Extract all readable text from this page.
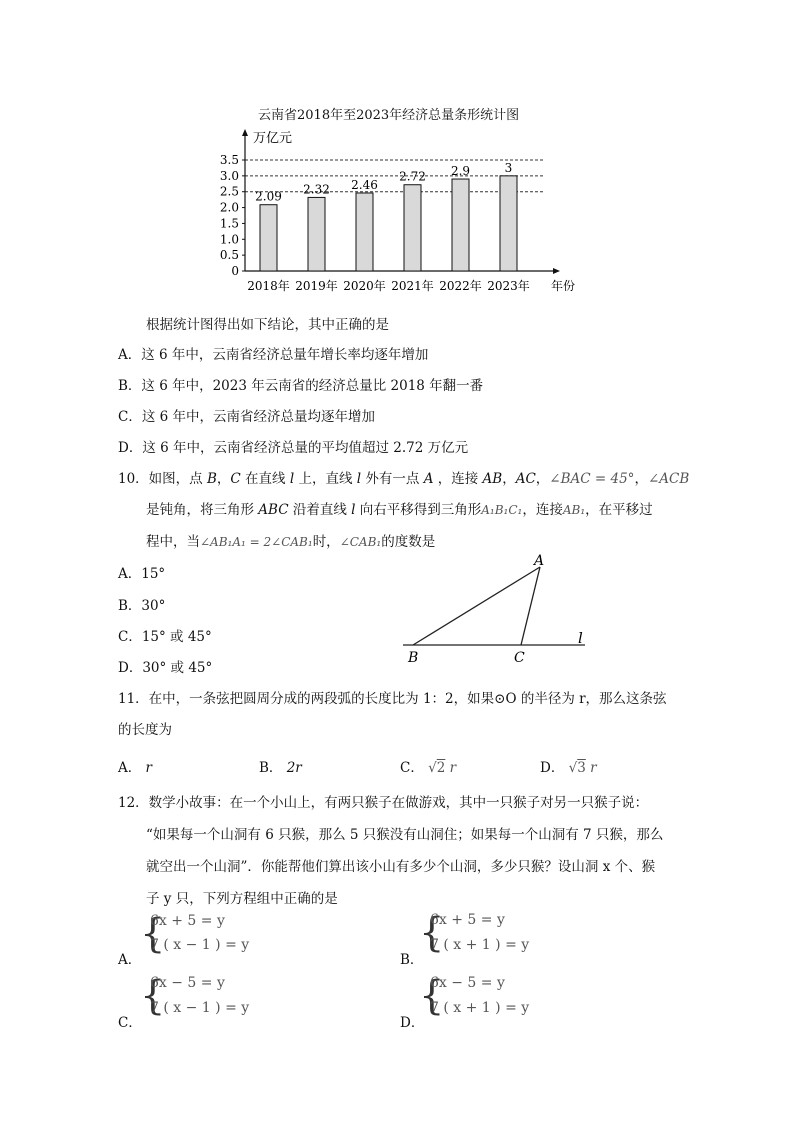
云南省2018年至2023年经济总量条形统计图
0
0.5
1.0
1.5
2.0
2.5
3.0
3.5
万亿元
2.09
2018年
2.32
2019年
2.46
2020年
2.72
2021年
2.9
2022年
3
2023年 年份
根据统计图得出如下结论，其中正确的是
A．这 6 年中，云南省经济总量年增长率均逐年增加
B．这 6 年中，2023 年云南省的经济总量比 2018 年翻一番
C．这 6 年中，云南省经济总量均逐年增加
D．这 6 年中，云南省经济总量的平均值超过 2.72 万亿元
10．如图，点 B，C 在直线 l 上，直线 l 外有一点 A ，连接 AB，AC，∠BAC = 45°，∠ACB
是钝角，将三角形 ABC 沿着直线 l 向右平移得到三角形A₁B₁C₁，连接AB₁，在平移过
程中，当∠AB₁A₁ = 2∠CAB₁时，∠CAB₁的度数是
A．15°
B．30°
C．15° 或 45°
D．30° 或 45°
A
B	C
l
11．在中，一条弦把圆周分成的两段弧的长度比为 1：2，如果⊙O 的半径为 r，那么这条弦
的长度为
A． r	B． 2r	C． √2 r	D． √3 r
12．数学小故事：在一个小山上，有两只猴子在做游戏，其中一只猴子对另一只猴子说：
“如果每一个山洞有 6 只猴，那么 5 只猴没有山洞住；如果每一个山洞有 7 只猴，那么
就空出一个山洞”．你能帮他们算出该小山有多少个山洞，多少只猴？设山洞 x 个、猴
子 y 只，下列方程组中正确的是
A．
{
6x + 5 = y
7 ( x − 1 ) = y
B．
{
6x + 5 = y
7 ( x + 1 ) = y
C．
{
6x − 5 = y
7 ( x − 1 ) = y
D．
{
6x − 5 = y
7 ( x + 1 ) = y
